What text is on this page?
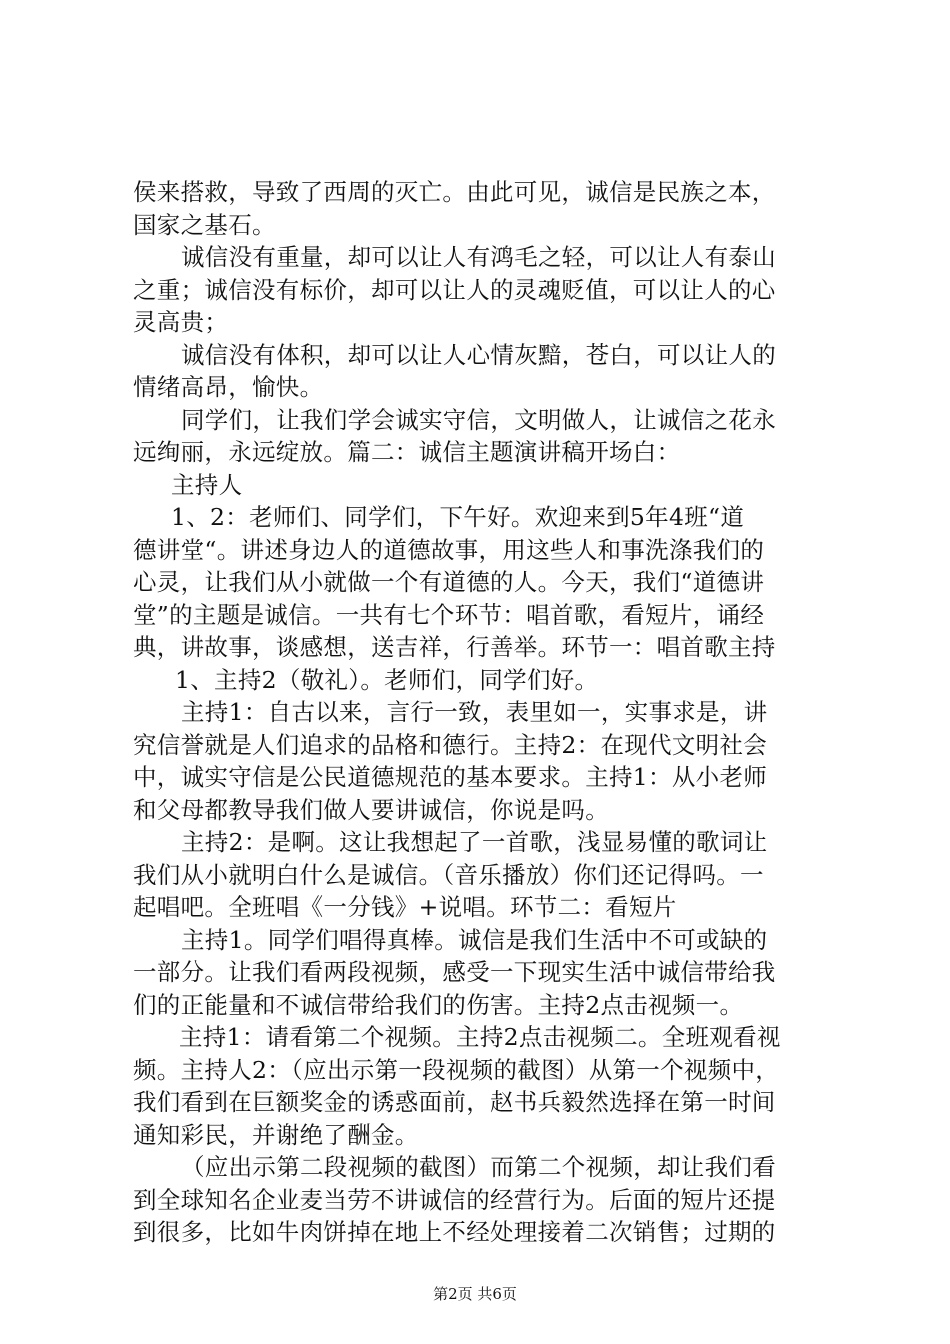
侯来搭救，导致了西周的灭亡。由此可见，诚信是民族之本，
国家之基石。
诚信没有重量，却可以让人有鸿毛之轻，可以让人有泰山
之重；诚信没有标价，却可以让人的灵魂贬值，可以让人的心
灵高贵；
诚信没有体积，却可以让人心情灰黯，苍白，可以让人的
情绪高昂，愉快。
同学们，让我们学会诚实守信，文明做人，让诚信之花永
远绚丽，永远绽放。篇二：诚信主题演讲稿开场白：
主持人
1、2：老师们、同学们，下午好。欢迎来到5年4班“道
德讲堂“。讲述身边人的道德故事，用这些人和事洗涤我们的
心灵，让我们从小就做一个有道德的人。今天，我们“道德讲
堂”的主题是诚信。一共有七个环节：唱首歌，看短片，诵经
典，讲故事，谈感想，送吉祥，行善举。环节一：唱首歌主持
1、主持2（敬礼）。老师们，同学们好。
主持1：自古以来，言行一致，表里如一，实事求是，讲
究信誉就是人们追求的品格和德行。主持2：在现代文明社会
中，诚实守信是公民道德规范的基本要求。主持1：从小老师
和父母都教导我们做人要讲诚信，你说是吗。
主持2：是啊。这让我想起了一首歌，浅显易懂的歌词让
我们从小就明白什么是诚信。（音乐播放）你们还记得吗。一
起唱吧。全班唱《一分钱》+说唱。环节二：看短片
主持1。同学们唱得真棒。诚信是我们生活中不可或缺的
一部分。让我们看两段视频，感受一下现实生活中诚信带给我
们的正能量和不诚信带给我们的伤害。主持2点击视频一。
主持1：请看第二个视频。主持2点击视频二。全班观看视
频。主持人2：（应出示第一段视频的截图）从第一个视频中，
我们看到在巨额奖金的诱惑面前，赵书兵毅然选择在第一时间
通知彩民，并谢绝了酬金。
（应出示第二段视频的截图）而第二个视频，却让我们看
到全球知名企业麦当劳不讲诚信的经营行为。后面的短片还提
到很多，比如牛肉饼掉在地上不经处理接着二次销售；过期的
第2页 共6页
